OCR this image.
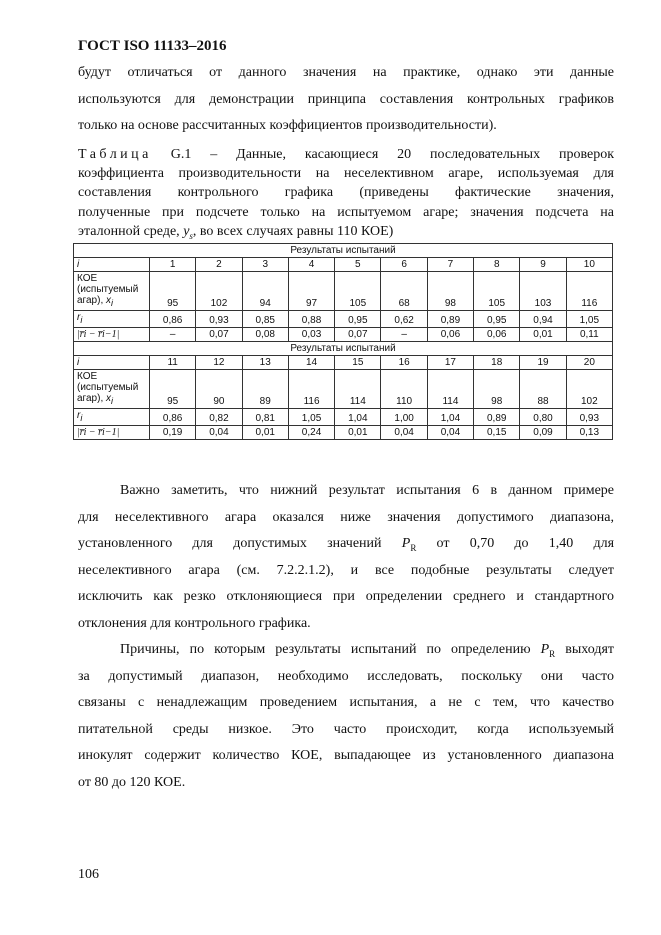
ГОСТ ISO 11133–2016
будут отличаться от данного значения на практике, однако эти данные
используются для демонстрации принципа составления контрольных графиков
только на основе рассчитанных коэффициентов производительности).
Таблица G.1 – Данные, касающиеся 20 последовательных проверок
коэффициента производительности на неселективном агаре, используемая для
составления контрольного графика (приведены фактические значения,
полученные при подсчете только на испытуемом агаре; значения подсчета на
эталонной среде, $y_s$, во всех случаях равны 110 КОЕ)
Результаты испытаний										
i	1	2	3	4	5	6	7	8	9	10
КОЕ
(испытуемый
агар), $x_i$	95	102	94	97	105	68	98	105	103	116
$r_i$	0,86	0,93	0,85	0,88	0,95	0,62	0,89	0,95	0,94	1,05
|r̅i − r̅i−1|	–	0,07	0,08	0,03	0,07	–	0,06	0,06	0,01	0,11
Результаты испытаний										
i	11	12	13	14	15	16	17	18	19	20
КОЕ
(испытуемый
агар), $x_i$	95	90	89	116	114	110	114	98	88	102
$r_i$	0,86	0,82	0,81	1,05	1,04	1,00	1,04	0,89	0,80	0,93
|r̅i − r̅i−1|	0,19	0,04	0,01	0,24	0,01	0,04	0,04	0,15	0,09	0,13
Важно заметить, что нижний результат испытания 6 в данном примере
для неселективного агара оказался ниже значения допустимого диапазона,
установленного для допустимых значений $P_R$ от 0,70 до 1,40 для
неселективного агара (см. 7.2.2.1.2), и все подобные результаты следует
исключить как резко отклоняющиеся при определении среднего и стандартного
отклонения для контрольного графика.
Причины, по которым результаты испытаний по определению $P_R$ выходят
за допустимый диапазон, необходимо исследовать, поскольку они часто
связаны с ненадлежащим проведением испытания, а не с тем, что качество
питательной среды низкое. Это часто происходит, когда используемый
инокулят содержит количество КОЕ, выпадающее из установленного диапазона
от 80 до 120 КОЕ.
106
